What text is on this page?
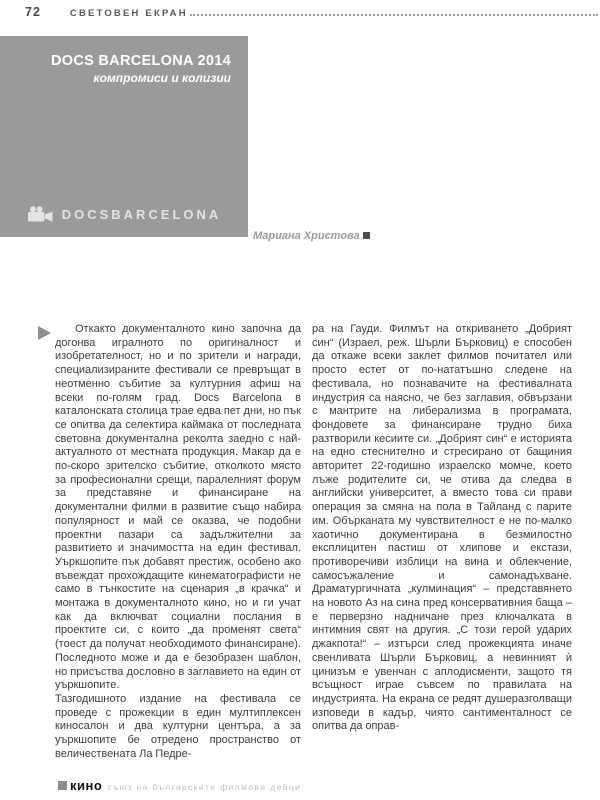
72	СВЕТОВЕН ЕКРАН
DOCS BARCELONA 2014
компромиси и колизии
DOCSBARCELONA
Мариана Христова

Откакто документалното кино започна да догонва игралното по оригиналност и изобретателност, но и по зрители и награди, специализираните фестивали се превръщат в неотменно събитие за културния афиш на всеки по-голям град. Docs Barcelona в каталонската столица трае едва пет дни, но пък се опитва да селектира каймака от последната световна документална реколта заедно с най-актуалното от местната продукция. Макар да е по-скоро зрителско събитие, отколкото място за професионални срещи, паралелният форум за представяне и финансиране на документални филми в развитие също набира популярност и май се оказва, че подобни проектни пазари са задължителни за развитието и значимостта на един фестивал. Уъркшопите пък добавят престиж, особено ако въвеждат прохождащите кинематографисти не само в тънкостите на сценария „в крачка“ и монтажа в документалното кино, но и ги учат как да включват социални послания в проектите си, с които „да променят света“ (тоест да получат необходимото финансиране). Последното може и да е безобразен шаблон, но присъства дословно в заглавието на един от уъркшопите.

Тазгодишното издание на фестивала се проведе с прожекции в един мултиплексен киносалон и два културни центъра, а за уъркшопите бе отредено пространство от величествената Ла Педре-

ра на Гауди. Филмът на откриването „Добрият син“ (Израел, реж. Шърли Бърковиц) е способен да откаже всеки заклет филмов почитател или просто естет от по-нататъшно следене на фестивала, но познавачите на фестивалната индустрия са наясно, че без заглавия, обвързани с мантрите на либерализма в програмата, фондовете за финансиране трудно биха разтворили кесиите си. „Добрият син“ е историята на едно стеснително и стресирано от бащиния авторитет 22-годишно израелско момче, което лъже родителите си, че отива да следва в английски университет, а вместо това си прави операция за смяна на пола в Тайланд с парите им. Обърканата му чувствителност е не по-малко хаотично документирана в безмилостно експлицитен пастиш от хлипове и екстази, противоречиви изблици на вина и облекчение, самосъжаление и самонадъхване. Драматургичната „кулминация“ – представянето на новото Аз на сина пред консервативния баща – е перверзно надничане през ключалката в интимния свят на другия. „С този герой ударих джакпота!“ – изтърси след прожекцията иначе свенливата Шърли Бърковиц, а невинният ѝ цинизъм е увенчан с аплодисменти, защото тя всъщност играе съвсем по правилата на индустрията. На екрана се редят душеразголващи изповеди в кадър, чиято сантименталност се опитва да оправ-

кино съюз на българските филмови дейци
